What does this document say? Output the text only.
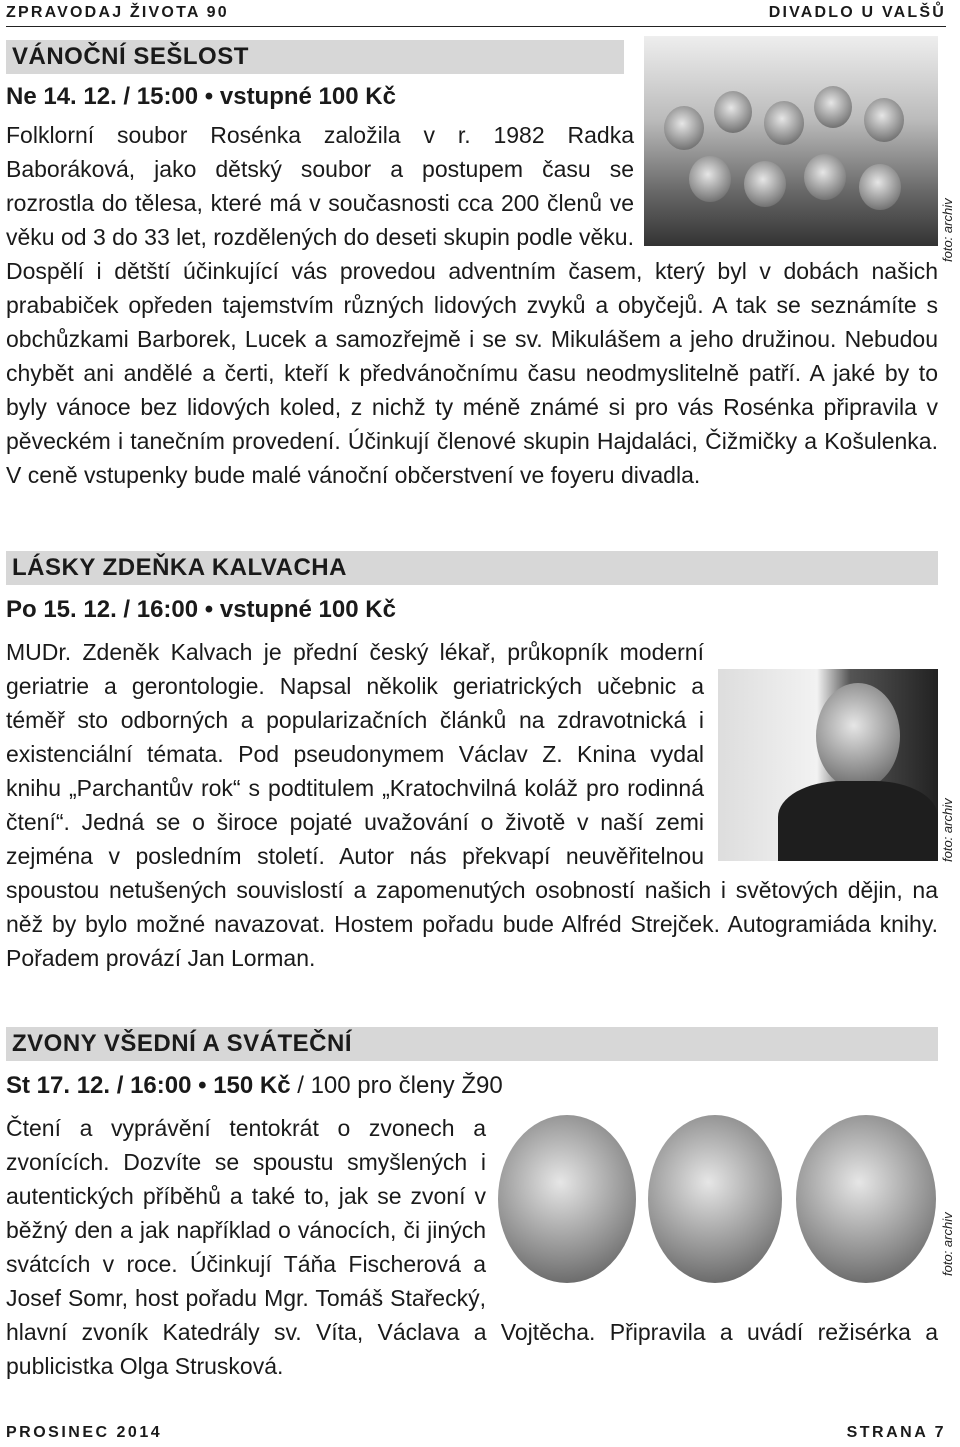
ZPRAVODAJ ŽIVOTA 90	DIVADLO U VALŠŮ
VÁNOČNÍ SEŠLOST
Ne 14. 12. / 15:00 • vstupné 100 Kč

Folklorní soubor Rosénka založila v r. 1982 Radka Baboráková, jako dětský soubor a postupem času se rozrostla do tělesa, které má v současnosti cca 200 členů ve věku od 3 do 33 let, rozdělených do deseti skupin podle věku. Dospělí i dětští účinkující vás provedou adventním časem, který byl v dobách našich prababiček opředen tajemstvím různých lidových zvyků a obyčejů. A tak se seznámíte s obchůzkami Barborek, Lucek a samozřejmě i se sv. Mikulášem a jeho družinou. Nebudou chybět ani andělé a čerti, kteří k předvánočnímu času neodmyslitelně patří. A jaké by to byly vánoce bez lidových koled, z nichž ty méně známé si pro vás Rosénka připravila v pěveckém i tanečním provedení. Účinkují členové skupin Hajdaláci, Čižmičky a Košulenka. V ceně vstupenky bude malé vánoční občerstvení ve foyeru divadla.

foto: archiv
LÁSKY ZDEŇKA KALVACHA
Po 15. 12. / 16:00 • vstupné 100 Kč

MUDr. Zdeněk Kalvach je přední český lékař, průkopník moderní geriatrie a gerontologie. Napsal několik geriatrických učebnic a téměř sto odborných a popularizačních článků na zdravotnická i existenciální témata. Pod pseudonymem Václav Z. Knina vydal knihu „Parchantův rok“ s podtitulem „Kratochvilná koláž pro rodinná čtení“. Jedná se o široce pojaté uvažování o životě v naší zemi zejména v posledním století. Autor nás překvapí neuvěřitelnou spoustou netušených souvislostí a zapomenutých osobností našich i světových dějin, na něž by bylo možné navazovat. Hostem pořadu bude Alfréd Strejček. Autogramiáda knihy. Pořadem provází Jan Lorman.

foto: archiv
ZVONY VŠEDNÍ A SVÁTEČNÍ
St 17. 12. / 16:00 • 150 Kč / 100 pro členy Ž90

Čtení a vyprávění tentokrát o zvonech a zvonících. Dozvíte se spoustu smyšlených i autentických příběhů a také to, jak se zvoní v běžný den a jak například o vánocích, či jiných svátcích v roce. Účinkují Táňa Fischerová a Josef Somr, host pořadu Mgr. Tomáš Stařecký, hlavní zvoník Katedrály sv. Víta, Václava a Vojtěcha. Připravila a uvádí režisérka a publicistka Olga Strusková.

foto: archiv
PROSINEC 2014	STRANA 7
